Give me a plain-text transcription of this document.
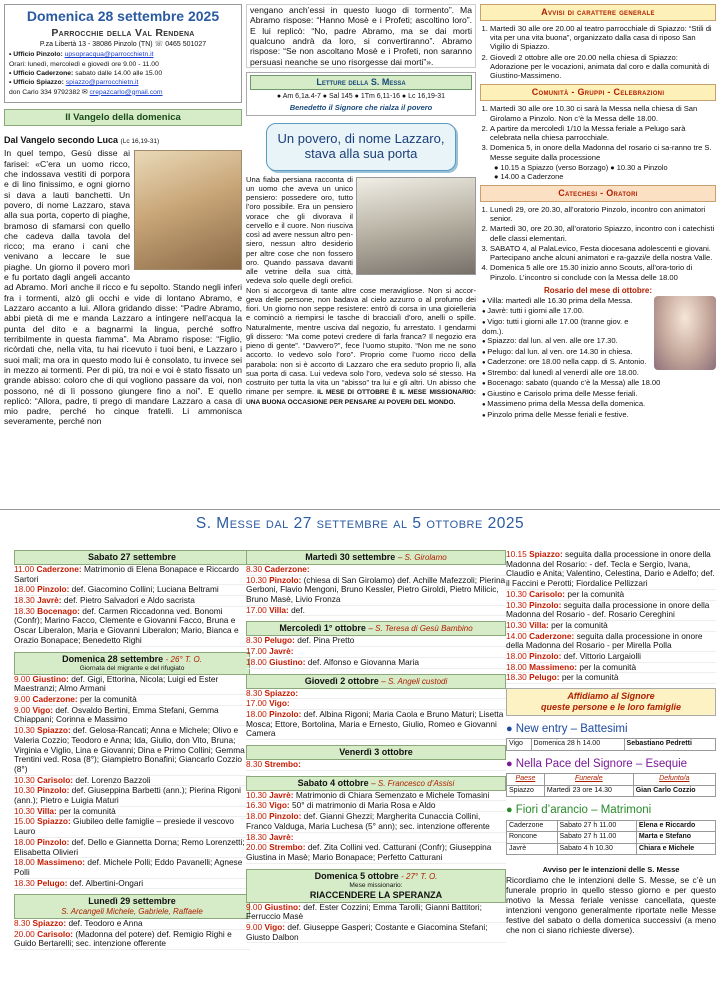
Domenica 28 settembre 2025
Parrocchie della Val Rendena
P.za Libertà 13 - 38086 Pinzolo (TN) ☏ 0465 501027
• Ufficio Pinzolo: upsopracqua@parrocchietn.it
Orari: lunedì, mercoledì e giovedì ore 9.00 - 11.00
• Ufficio Caderzone: sabato dalle 14.00 alle 15.00
• Ufficio Spiazzo: spiazzo@parrocchietn.it
don Carlo 334 9792382 ✉ crepazcarlo@gmail.com
Il Vangelo della domenica
Dal Vangelo secondo Luca (Lc 16,19-31)
In quel tempo, Gesù disse ai farisei: «C’era un uomo ricco, che indossava vestiti di porpora e di lino finissimo, e ogni giorno si dava a lauti banchetti. Un povero, di nome Lazzaro, stava alla sua porta, coperto di piaghe, bramoso di sfamarsi con quello che cadeva dalla tavola del ricco; ma erano i cani che venivano a leccare le sue piaghe. Un giorno il povero morì e fu portato dagli angeli accanto ad Abramo. Morì anche il ricco e fu sepolto. Stando negli inferi fra i tormenti, alzò gli occhi e vide di lontano Abramo, e Lazzaro accanto a lui. Allora gridando disse: “Padre Abramo, abbi pietà di me e manda Lazzaro a intingere nell’acqua la punta del dito e a bagnarmi la lingua, perché soffro terribilmente in questa fiamma”. Ma Abramo rispose: “Figlio, ricòrdati che, nella vita, tu hai ricevuto i tuoi beni, e Lazzaro i suoi mali; ma ora in questo modo lui è consolato, tu invece sei in mezzo ai tormenti. Per di più, tra noi e voi è stato fissato un grande abisso: coloro che di qui vogliono passare da voi, non possono, né di lì possono giungere fino a noi”. E quello replicò: “Allora, padre, ti prego di mandare Lazzaro a casa di mio padre, perché ho cinque fratelli. Li ammonisca severamente, perché non
vengano anch’essi in questo luogo di tormento”. Ma Abramo rispose: “Hanno Mosè e i Profeti; ascoltino loro”. E lui replicò: “No, padre Abramo, ma se dai morti qualcuno andrà da loro, si convertiranno”. Abramo rispose: “Se non ascoltano Mosè e i Profeti, non saranno persuasi neanche se uno risorgesse dai morti”».
Letture della S. Messa
● Am 6,1a.4-7 ● Sal 145 ● 1Tm 6,11-16 ● Lc 16,19-31
Benedetto il Signore che rialza il povero
Un povero, di nome Lazzaro,
stava alla sua porta
Una fiaba persiana racconta di un uomo che aveva un unico pensiero: possedere oro, tutto l’oro possibile. Era un pensiero vorace che gli divorava il cervello e il cuore. Non riusciva così ad avere nessun altro pen-siero, nessun altro desiderio per altre cose che non fossero oro. Quando passava davanti alle vetrine della sua città, vedeva solo quelle degli orefici. Non si accorgeva di tante altre cose meravigliose. Non si accor-geva delle persone, non badava al cielo azzurro o al profumo dei fiori. Un giorno non seppe resistere: entrò di corsa in una gioielleria e cominciò a riempirsi le tasche di braccialì d’oro, anelli o spille. Naturalmente, mentre usciva dal negozio, fu arrestato. I gendarmi gli dissero: “Ma come potevi credere di farla franca? Il negozio era pieno di gente”. “Davvero?”, fece l’uomo stupito. “Non me ne sono accorto. Io vedevo solo l’oro”. Proprio come l’uomo ricco della parabola: non si è accorto di Lazzaro che era seduto proprio lì, alla sua porta di casa. Lui vedeva solo l’oro, vedeva solo sé stesso. Ha costruito per tutta la vita un “abisso” tra lui e gli altri. Un abisso che rimane per sempre. IL MESE DI OTTOBRE È IL MESE MISSIONARIO: UNA BUONA OCCASIONE PER PENSARE AI POVERI DEL MONDO.
Avvisi di carattere generale
1. Martedì 30 alle ore 20.00 al teatro parrocchiale di Spiazzo: “Stili di vita per una vita buona”, organizzato dalla casa di riposo San Vigilio di Spiazzo.
2. Giovedì 2 ottobre alle ore 20.00 nella chiesa di Spiazzo: Adorazione per le vocazioni, animata dal coro e dalla comunità di Giustino-Massimeno.
Comunità - Gruppi - Celebrazioni
1. Martedì 30 alle ore 10.30 ci sarà la Messa nella chiesa di San Girolamo a Pinzolo. Non c’è la Messa delle 18.00.
2. A partire da mercoledì 1/10 la Messa feriale a Pelugo sarà celebrata nella chiesa parrocchiale.
3. Domenica 5, in onore della Madonna del rosario ci sa-ranno tre S. Messe seguite dalla processione
● 10.15 a Spiazzo (verso Borzago) ● 10.30 a Pinzolo
● 14.00 a Caderzone
Catechesi - Oratori
1. Lunedì 29, ore 20.30, all’oratorio Pinzolo, incontro con animatori senior.
2. Martedì 30, ore 20.30, all’oratorio Spiazzo, incontro con i catechisti delle classi elementari.
3. SABATO 4, al PalaLevico, Festa diocesana adolescenti e giovani. Partecipano anche alcuni animatori e ra-gazzi/e della nostra Valle.
4. Domenica 5 alle ore 15.30 inizio anno Scouts, all’ora-torio di Pinzolo. L’incontro si conclude con la Messa delle 18.00
Rosario del mese di ottobre:
● Villa: martedì alle 16.30 prima della Messa.
● Javrè: tutti i giorni alle 17.00.
● Vigo: tutti i giorni alle 17.00 (tranne giov. e dom.).
● Spiazzo: dal lun. al ven. alle ore 17.30.
● Pelugo: dal lun. al ven. ore 14.30 in chiesa.
● Caderzone: ore 18.00 nella capp. di S. Antonio.
● Strembo: dal lunedì al venerdì alle ore 18.00.
● Bocenago: sabato (quando c’è la Messa) alle 18.00
● Giustino e Carisolo prima delle Messe feriali.
● Massimeno prima della Messa della domenica.
● Pinzolo prima delle Messe feriali e festive.
S. Messe dal 27 settembre al 5 ottobre 2025
Sabato 27 settembre
11.00 Caderzone: Matrimonio di Elena Bonapace e Riccardo Sartori
18.00 Pinzolo: def. Giacomino Collini; Luciana Beltrami
18.30 Javrè: def. Pietro Salvadori e Aldo sacrista
18.30 Bocenago: def. Carmen Riccadonna ved. Bonomi (Confr); Marino Facco, Clemente e Giovanni Facco, Bruna e Oscar Liberalon, Maria e Giovanni Liberalon; Mario, Bianca e Orazio Bonapace; Benedetto Righi
Domenica 28 settembre - 26° T. O.
Giornata del migrante e del rifugiato
9.00 Giustino: def. Gigi, Ettorina, Nicola; Luigi ed Ester Maestranzi; Almo Armani
9.00 Caderzone: per la comunità
9.00 Vigo: def. Osvaldo Bertini, Emma Stefani, Gemma Chiappani; Corinna e Massimo
10.30 Spiazzo: def. Gelosa-Rancati; Anna e Michele; Olivo e Valeria Cozzio; Teodoro e Anna; Ida, Giulio, don Vito, Bruna; Virginia e Viglio, Lina e Giovanni; Dina e Primo Collini; Gemma Trentini ved. Rosa (8°); Giampietro Bonafini; Giancarlo Cozzio (8°)
10.30 Carisolo: def. Lorenzo Bazzoli
10.30 Pinzolo: def. Giuseppina Barbetti (ann.); Pierina Rigoni (ann.); Pietro e Luigia Maturi
10.30 Villa: per la comunità
15.00 Spiazzo: Giubileo delle famiglie – presiede il vescovo Lauro
18.00 Pinzolo: def. Dello e Giannetta Dorna; Remo Lorenzetti; Elisabetta Olivieri
18.00 Massimeno: def. Michele Polli; Eddo Pavanelli; Agnese Polli
18.30 Pelugo: def. Albertini-Ongari
Lunedì 29 settembre
S. Arcangeli Michele, Gabriele, Raffaele
8.30 Spiazzo: def. Teodoro e Anna
20.00 Carisolo: (Madonna del potere) def. Remigio Righi e Guido Bertarelli; sec. intenzione offerente
Martedì 30 settembre – S. Girolamo
8.30 Caderzone:
10.30 Pinzolo: (chiesa di San Girolamo) def. Achille Mafezzoli; Pierina Gerboni, Flavio Mengoni, Bruno Kessler, Pietro Giroldi, Pietro Milicic, Bruno Masè, Livio Fronza
17.00 Villa: def.
Mercoledì 1° ottobre – S. Teresa di Gesù Bambino
8.30 Pelugo: def. Pina Pretto
17.00 Javrè:
18.00 Giustino: def. Alfonso e Giovanna Maria
Giovedì 2 ottobre – S. Angeli custodi
8.30 Spiazzo:
17.00 Vigo:
18.00 Pinzolo: def. Albina Rigoni; Maria Caola e Bruno Maturi; Lisetta Mosca; Ettore, Bortolina, Maria e Ernesto, Giulio, Romeo e Giovanni Camera
Venerdì 3 ottobre
8.30 Strembo:
Sabato 4 ottobre – S. Francesco d’Assisi
10.30 Javrè: Matrimonio di Chiara Semenzato e Michele Tomasini
16.30 Vigo: 50° di matrimonio di Maria Rosa e Aldo
18.00 Pinzolo: def. Gianni Ghezzi; Margherita Cunaccia Collini, Franco Valduga, Maria Luchesa (5° ann); sec. intenzione offerente
18.30 Javrè:
20.00 Strembo: def. Zita Collini ved. Catturani (Confr); Giuseppina Giustina in Masè; Mario Bonapace; Perfetto Catturani
Domenica 5 ottobre - 27° T. O.
Mese missionario:
RIACCENDERE LA SPERANZA
9.00 Giustino: def. Ester Cozzini; Emma Tarolli; Gianni Battitori; Ferruccio Masè
9.00 Vigo: def. Giuseppe Gasperi; Costante e Giacomina Stefani; Giusto Dalbon
10.15 Spiazzo: seguita dalla processione in onore della Madonna del Rosario: - def. Tecla e Sergio, Ivana, Claudio e Anita; Valentino, Celestina, Dario e Adelfo; def. il Faccini e Perotti; Fiordalice Pellizzari
10.30 Carisolo: per la comunità
10.30 Pinzolo: seguita dalla processione in onore della Madonna del Rosario - def. Rosario Cereghini
10.30 Villa: per la comunità
14.00 Caderzone: seguita dalla processione in onore della Madonna del Rosario - per Mirella Polla
18.00 Pinzolo: def. Vittorio Largaiolli
18.00 Massimeno: per la comunità
18.30 Pelugo: per la comunità
Affidiamo al Signore
queste persone e le loro famiglie
● New entry – Battesimi
Vigo	Domenica 28 h 14.00	Sebastiano Pedretti
● Nella Pace del Signore – Esequie
Paese	Funerale	Defunto/a
Spiazzo	Martedì 23 ore 14.30	Gian Carlo Cozzio
● Fiori d’arancio – Matrimoni
Caderzone	Sabato 27 h 11.00	Elena e Riccardo
Roncone	Sabato 27 h 11.00	Marta e Stefano
Javrè	Sabato 4 h 10.30	Chiara e Michele
Avviso per le intenzioni delle S. Messe
Ricordiamo che le intenzioni delle S. Messe, se c’è un funerale proprio in quello stesso giorno e per questo motivo la Messa feriale venisse cancellata, queste intenzioni vengono generalmente riportate nelle Messe festive del sabato o della domenica successivi (a meno che non ci siano richieste diverse).
